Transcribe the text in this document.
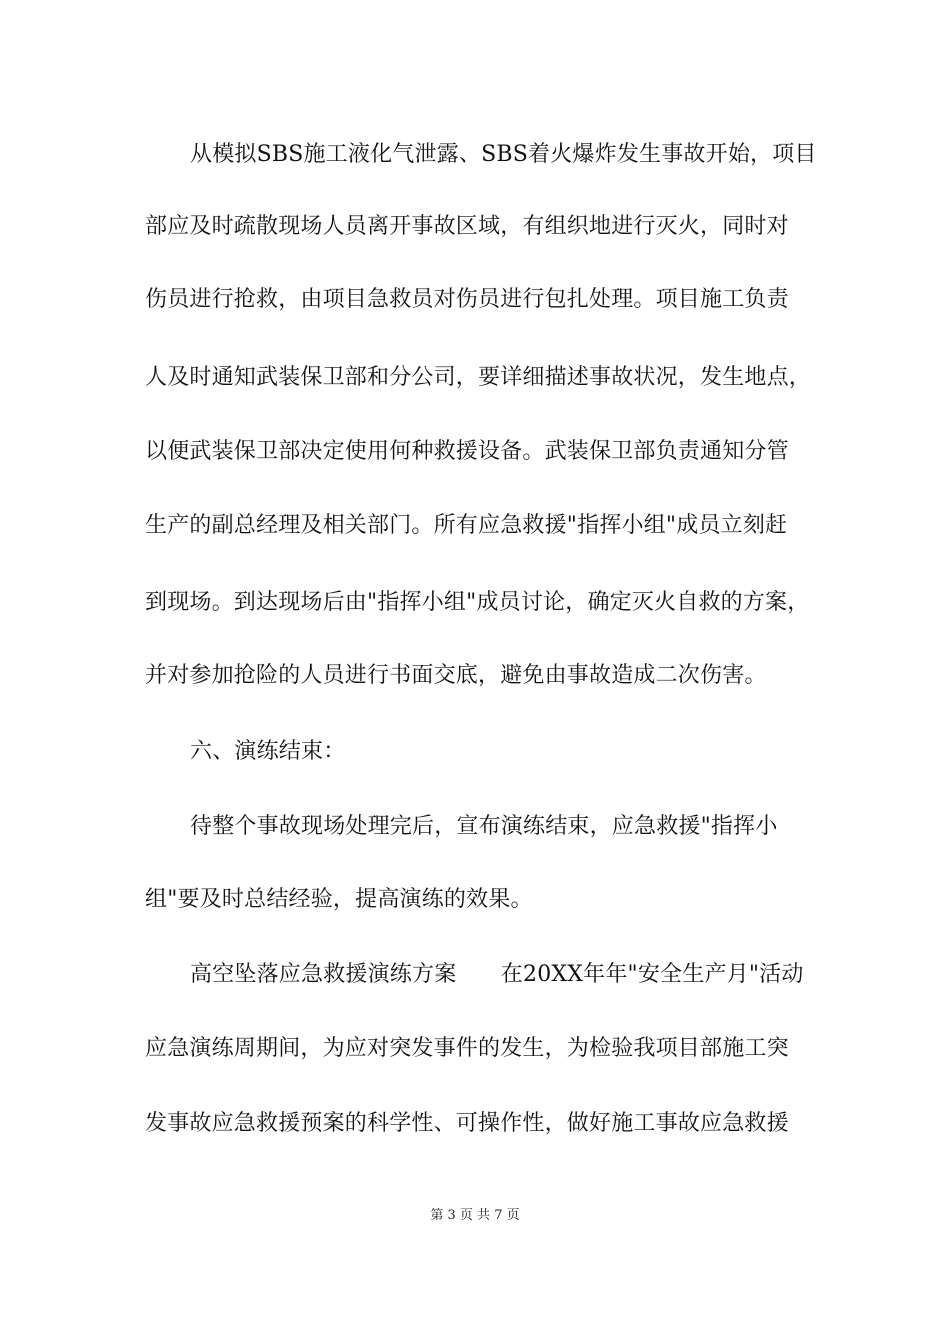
从模拟SBS施工液化气泄露、SBS着火爆炸发生事故开始，项目
部应及时疏散现场人员离开事故区域，有组织地进行灭火，同时对
伤员进行抢救，由项目急救员对伤员进行包扎处理。项目施工负责
人及时通知武装保卫部和分公司，要详细描述事故状况，发生地点，
以便武装保卫部决定使用何种救援设备。武装保卫部负责通知分管
生产的副总经理及相关部门。所有应急救援"指挥小组"成员立刻赶
到现场。到达现场后由"指挥小组"成员讨论，确定灭火自救的方案，
并对参加抢险的人员进行书面交底，避免由事故造成二次伤害。
六、演练结束：
待整个事故现场处理完后，宣布演练结束，应急救援"指挥小
组"要及时总结经验，提高演练的效果。
高空坠落应急救援演练方案　　在20XX年年"安全生产月"活动
应急演练周期间，为应对突发事件的发生，为检验我项目部施工突
发事故应急救援预案的科学性、可操作性，做好施工事故应急救援
第 3 页 共 7 页
